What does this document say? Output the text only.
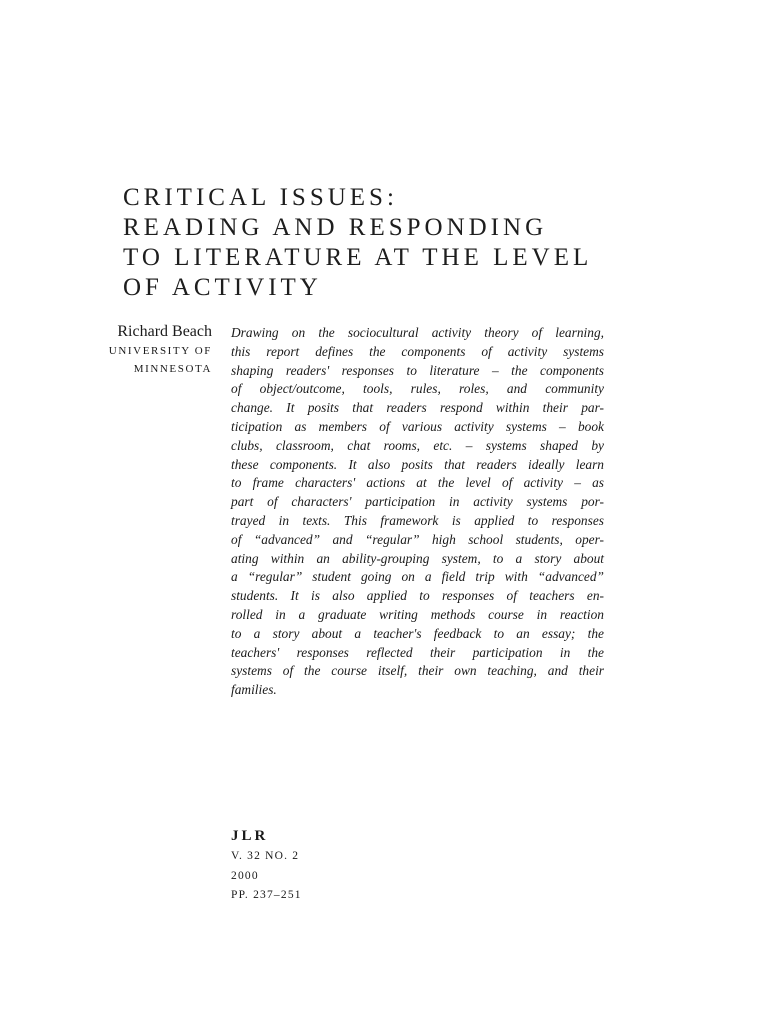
CRITICAL ISSUES:
READING AND RESPONDING
TO LITERATURE AT THE LEVEL
OF ACTIVITY
Richard Beach
UNIVERSITY OF
MINNESOTA
Drawing on the sociocultural activity theory of learning,
this report defines the components of activity systems
shaping readers' responses to literature – the components
of object/outcome, tools, rules, roles, and community
change. It posits that readers respond within their par-
ticipation as members of various activity systems – book
clubs, classroom, chat rooms, etc. – systems shaped by
these components. It also posits that readers ideally learn
to frame characters' actions at the level of activity – as
part of characters' participation in activity systems por-
trayed in texts. This framework is applied to responses
of “advanced” and “regular” high school students, oper-
ating within an ability-grouping system, to a story about
a “regular” student going on a field trip with “advanced”
students. It is also applied to responses of teachers en-
rolled in a graduate writing methods course in reaction
to a story about a teacher's feedback to an essay; the
teachers' responses reflected their participation in the
systems of the course itself, their own teaching, and their
families.
JLR
V. 32 NO. 2
2000
PP. 237–251
